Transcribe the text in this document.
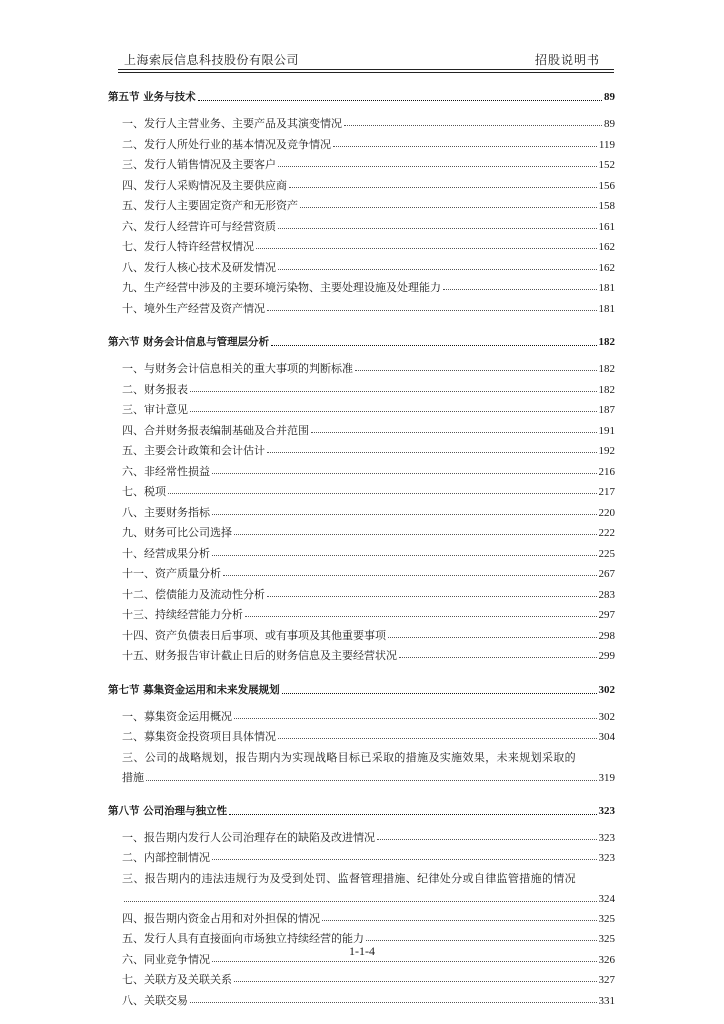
上海索辰信息科技股份有限公司	招股说明书
第五节 业务与技术	89
一、发行人主营业务、主要产品及其演变情况	89
二、发行人所处行业的基本情况及竞争情况	119
三、发行人销售情况及主要客户	152
四、发行人采购情况及主要供应商	156
五、发行人主要固定资产和无形资产	158
六、发行人经营许可与经营资质	161
七、发行人特许经营权情况	162
八、发行人核心技术及研发情况	162
九、生产经营中涉及的主要环境污染物、主要处理设施及处理能力	181
十、境外生产经营及资产情况	181
第六节 财务会计信息与管理层分析	182
一、与财务会计信息相关的重大事项的判断标准	182
二、财务报表	182
三、审计意见	187
四、合并财务报表编制基础及合并范围	191
五、主要会计政策和会计估计	192
六、非经常性损益	216
七、税项	217
八、主要财务指标	220
九、财务可比公司选择	222
十、经营成果分析	225
十一、资产质量分析	267
十二、偿债能力及流动性分析	283
十三、持续经营能力分析	297
十四、资产负债表日后事项、或有事项及其他重要事项	298
十五、财务报告审计截止日后的财务信息及主要经营状况	299
第七节 募集资金运用和未来发展规划	302
一、募集资金运用概况	302
二、募集资金投资项目具体情况	304
三、公司的战略规划，报告期内为实现战略目标已采取的措施及实施效果，未来规划采取的
措施	319
第八节 公司治理与独立性	323
一、报告期内发行人公司治理存在的缺陷及改进情况	323
二、内部控制情况	323
三、报告期内的违法违规行为及受到处罚、监督管理措施、纪律处分或自律监管措施的情况
324
四、报告期内资金占用和对外担保的情况	325
五、发行人具有直接面向市场独立持续经营的能力	325
六、同业竞争情况	326
七、关联方及关联关系	327
八、关联交易	331
1-1-4
